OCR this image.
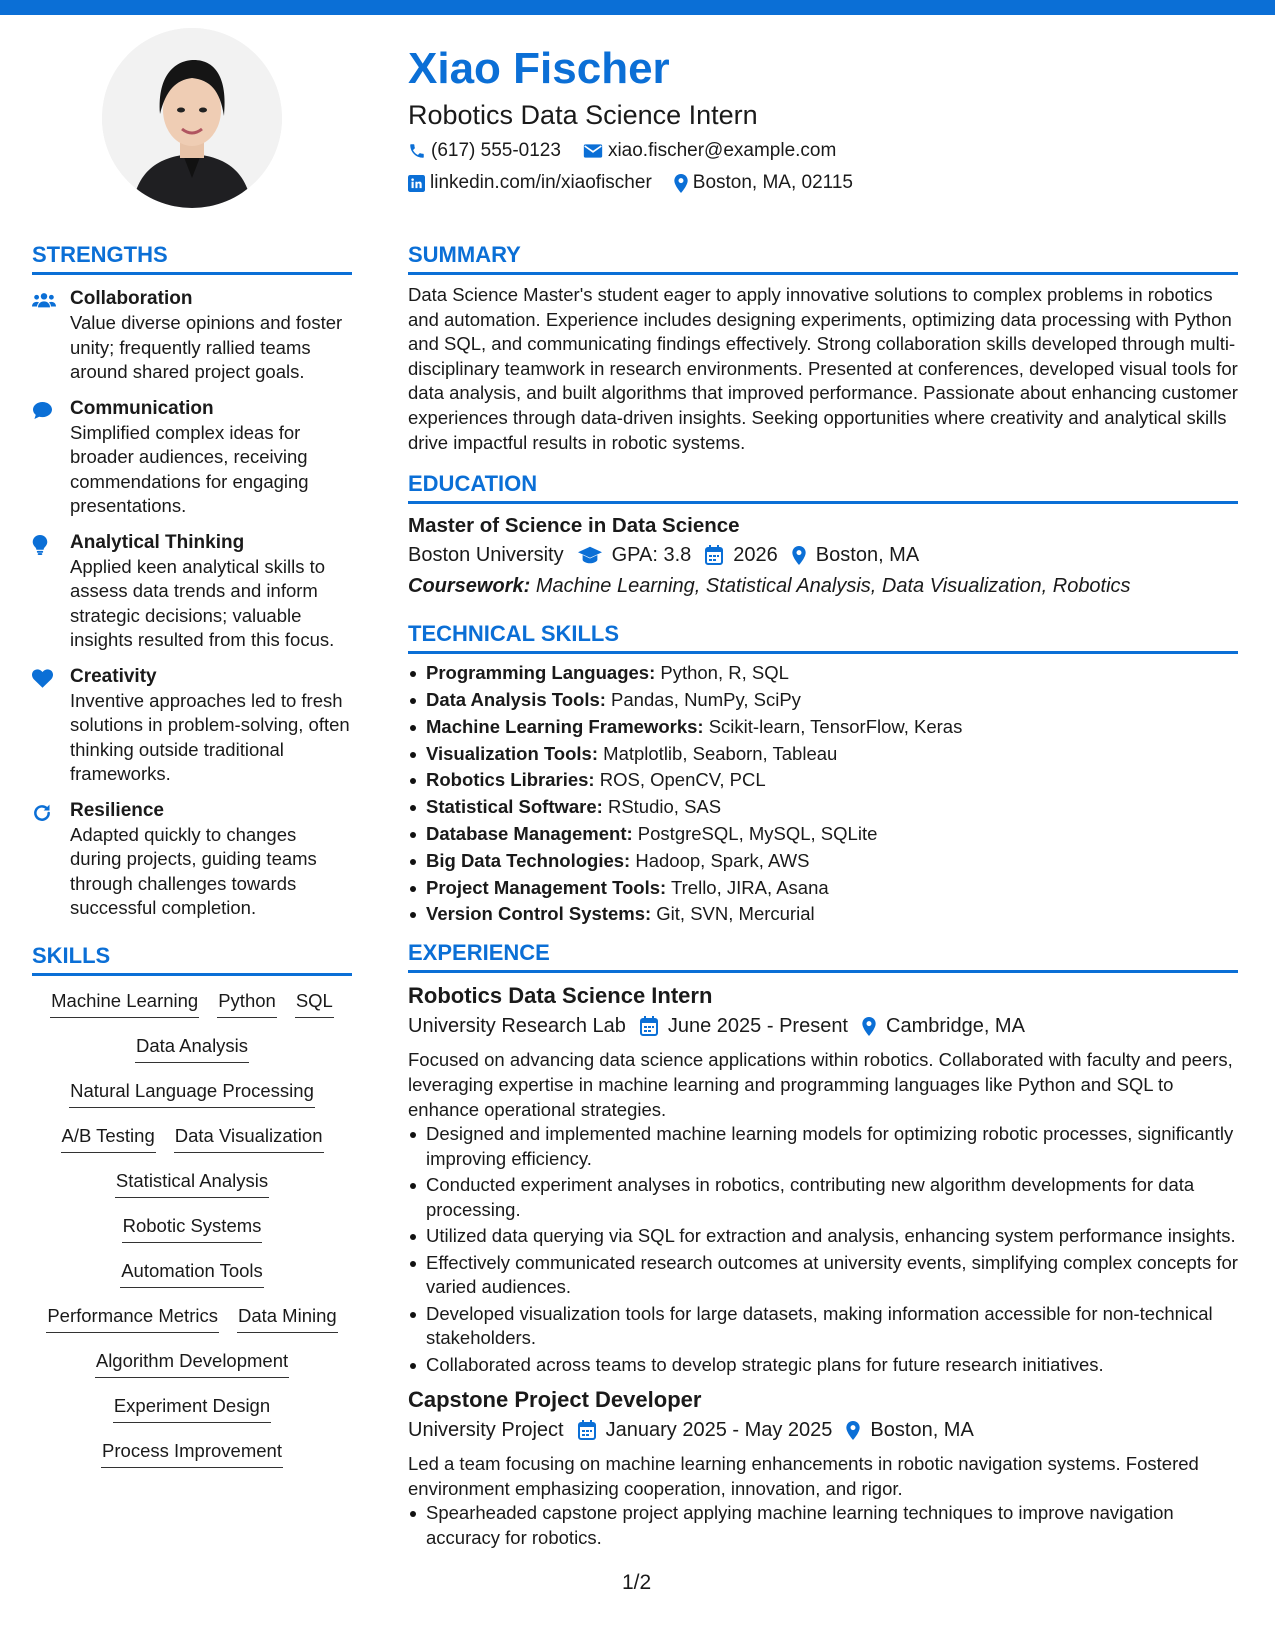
Xiao Fischer
Robotics Data Science Intern
(617) 555-0123 xiao.fischer@example.com
linkedin.com/in/xiaofischer Boston, MA, 02115
STRENGTHS
Collaboration
Value diverse opinions and foster unity; frequently rallied teams around shared project goals.
Communication
Simplified complex ideas for broader audiences, receiving commendations for engaging presentations.
Analytical Thinking
Applied keen analytical skills to assess data trends and inform strategic decisions; valuable insights resulted from this focus.
Creativity
Inventive approaches led to fresh solutions in problem-solving, often thinking outside traditional frameworks.
Resilience
Adapted quickly to changes during projects, guiding teams through challenges towards successful completion.
SKILLS
Machine Learning Python SQL
Data Analysis
Natural Language Processing
A/B Testing Data Visualization
Statistical Analysis
Robotic Systems
Automation Tools
Performance Metrics Data Mining
Algorithm Development
Experiment Design
Process Improvement
SUMMARY
Data Science Master's student eager to apply innovative solutions to complex problems in robotics and automation. Experience includes designing experiments, optimizing data processing with Python and SQL, and communicating findings effectively. Strong collaboration skills developed through multi-disciplinary teamwork in research environments. Presented at conferences, developed visual tools for data analysis, and built algorithms that improved performance. Passionate about enhancing customer experiences through data-driven insights. Seeking opportunities where creativity and analytical skills drive impactful results in robotic systems.
EDUCATION
Master of Science in Data Science
Boston University GPA: 3.8 2026 Boston, MA
Coursework: Machine Learning, Statistical Analysis, Data Visualization, Robotics
TECHNICAL SKILLS
Programming Languages: Python, R, SQL
Data Analysis Tools: Pandas, NumPy, SciPy
Machine Learning Frameworks: Scikit-learn, TensorFlow, Keras
Visualization Tools: Matplotlib, Seaborn, Tableau
Robotics Libraries: ROS, OpenCV, PCL
Statistical Software: RStudio, SAS
Database Management: PostgreSQL, MySQL, SQLite
Big Data Technologies: Hadoop, Spark, AWS
Project Management Tools: Trello, JIRA, Asana
Version Control Systems: Git, SVN, Mercurial
EXPERIENCE
Robotics Data Science Intern
University Research Lab June 2025 - Present Cambridge, MA
Focused on advancing data science applications within robotics. Collaborated with faculty and peers, leveraging expertise in machine learning and programming languages like Python and SQL to enhance operational strategies.
Designed and implemented machine learning models for optimizing robotic processes, significantly improving efficiency.
Conducted experiment analyses in robotics, contributing new algorithm developments for data processing.
Utilized data querying via SQL for extraction and analysis, enhancing system performance insights.
Effectively communicated research outcomes at university events, simplifying complex concepts for varied audiences.
Developed visualization tools for large datasets, making information accessible for non-technical stakeholders.
Collaborated across teams to develop strategic plans for future research initiatives.
Capstone Project Developer
University Project January 2025 - May 2025 Boston, MA
Led a team focusing on machine learning enhancements in robotic navigation systems. Fostered environment emphasizing cooperation, innovation, and rigor.
Spearheaded capstone project applying machine learning techniques to improve navigation accuracy for robotics.
1/2
